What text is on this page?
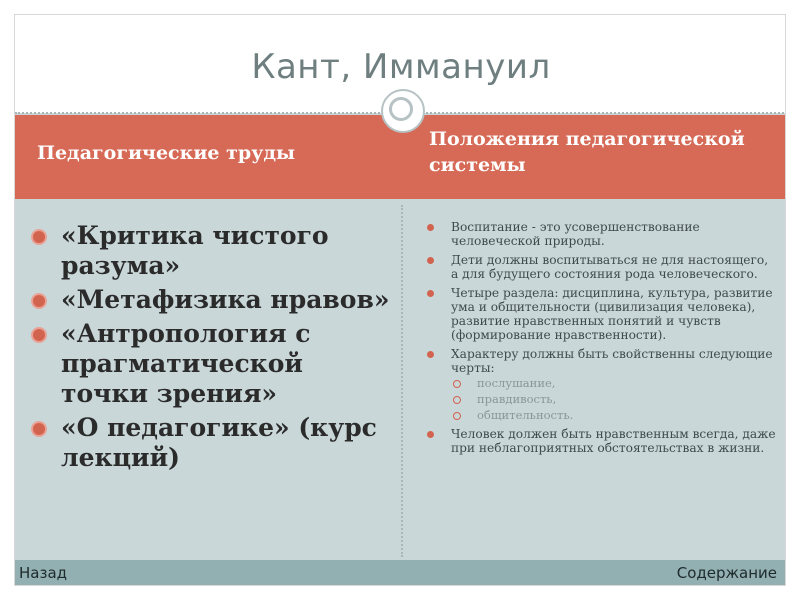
Кант, Иммануил
Педагогические труды
Положения педагогической системы
«Критика чистого разума»
«Метафизика нравов»
«Антропология с прагматической точки зрения»
«О педагогике» (курс лекций)
Воспитание - это усовершенствование человеческой природы.
Дети должны воспитываться не для настоящего, а для будущего состояния рода человеческого.
Четыре раздела: дисциплина, культура, развитие ума и общительности (цивилизация человека), развитие нравственных понятий и чувств (формирование нравственности).
Характеру должны быть свойственны следующие черты:
послушание,
правдивость,
общительность.
Человек должен быть нравственным всегда, даже при неблагоприятных обстоятельствах в жизни.
Назад	Содержание
